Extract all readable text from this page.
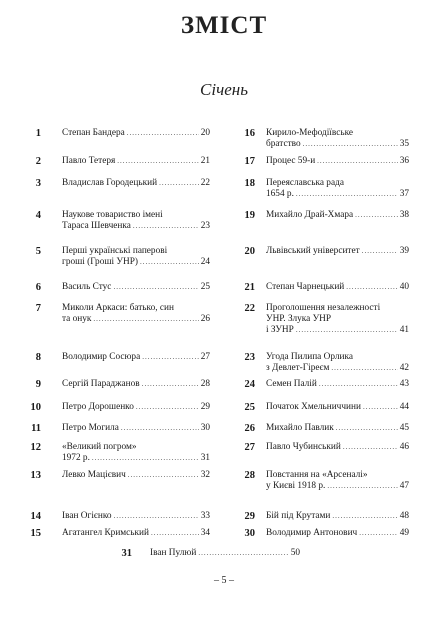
ЗМІСТ
Січень
1 Степан Бандера .....	20
2 Павло Тетеря .....	21
3 Владислав Городецький .....	22
4 Наукове товариство імені
Тараса Шевченка .....	23
5 Перші українські паперові
гроші (Гроші УНР) .....	24
6 Василь Стус .....	25
7 Миколи Аркаси: батько, син
та онук .....	26
8 Володимир Сосюра .....	27
9 Сергій Параджанов .....	28
10 Петро Дорошенко .....	29
11 Петро Могила .....	30
12 «Великий погром»
1972 р. .....	31
13 Левко Мацієвич .....	32
14 Іван Огієнко .....	33
15 Агатангел Кримський .....	34
16 Кирило-Мефодіївське
братство .....	35
17 Процес 59-и .....	36
18 Переяславська рада
1654 р. .....	37
19 Михайло Драй-Хмара .....	38
20 Львівський університет .....	39
21 Степан Чарнецький .....	40
22 Проголошення незалежності
УНР. Злука УНР
і ЗУНР .....	41
23 Угода Пилипа Орлика
з Девлет-Гіреєм .....	42
24 Семен Палій .....	43
25 Початок Хмельниччини .....	44
26 Михайло Павлик .....	45
27 Павло Чубинський .....	46
28 Повстання на «Арсеналі»
у Києві 1918 р. .....	47
29 Бій під Крутами .....	48
30 Володимир Антонович .....	49
31 Іван Пулюй .....	50
– 5 –
